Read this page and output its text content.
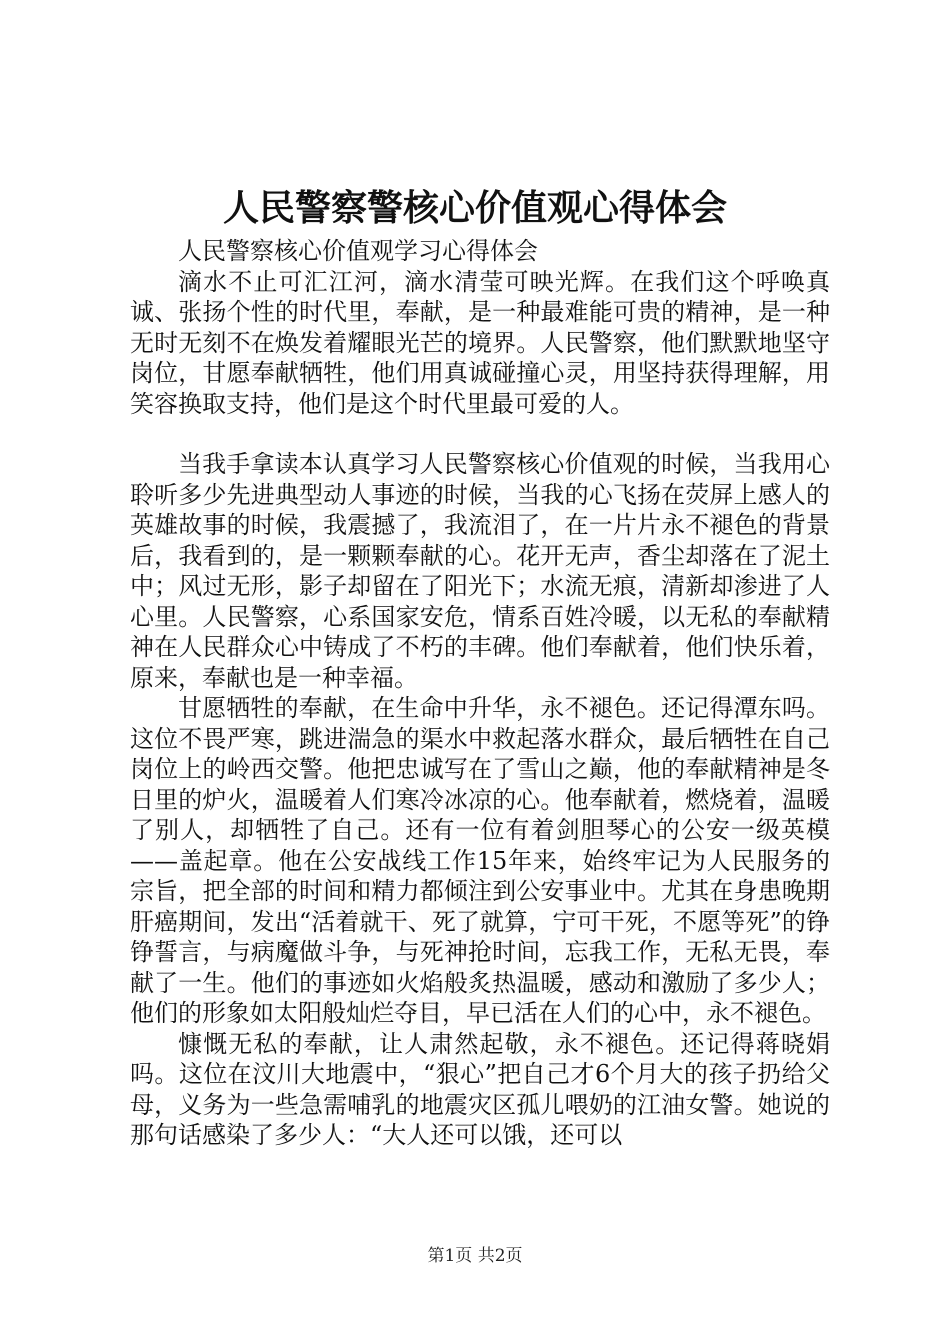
人民警察警核心价值观心得体会

人民警察核心价值观学习心得体会

滴水不止可汇江河，滴水清莹可映光辉。在我们这个呼唤真诚、张扬个性的时代里，奉献，是一种最难能可贵的精神，是一种无时无刻不在焕发着耀眼光芒的境界。人民警察，他们默默地坚守岗位，甘愿奉献牺牲，他们用真诚碰撞心灵，用坚持获得理解，用笑容换取支持，他们是这个时代里最可爱的人。

当我手拿读本认真学习人民警察核心价值观的时候，当我用心聆听多少先进典型动人事迹的时候，当我的心飞扬在荧屏上感人的英雄故事的时候，我震撼了，我流泪了，在一片片永不褪色的背景后，我看到的，是一颗颗奉献的心。花开无声，香尘却落在了泥土中；风过无形，影子却留在了阳光下；水流无痕，清新却渗进了人心里。人民警察，心系国家安危，情系百姓冷暖，以无私的奉献精神在人民群众心中铸成了不朽的丰碑。他们奉献着，他们快乐着，原来，奉献也是一种幸福。

甘愿牺牲的奉献，在生命中升华，永不褪色。还记得潭东吗。这位不畏严寒，跳进湍急的渠水中救起落水群众，最后牺牲在自己岗位上的岭西交警。他把忠诚写在了雪山之巅，他的奉献精神是冬日里的炉火，温暖着人们寒冷冰凉的心。他奉献着，燃烧着，温暖了别人，却牺牲了自己。还有一位有着剑胆琴心的公安一级英模——盖起章。他在公安战线工作15年来，始终牢记为人民服务的宗旨，把全部的时间和精力都倾注到公安事业中。尤其在身患晚期肝癌期间，发出“活着就干、死了就算，宁可干死，不愿等死”的铮铮誓言，与病魔做斗争，与死神抢时间，忘我工作，无私无畏，奉献了一生。他们的事迹如火焰般炙热温暖，感动和激励了多少人；他们的形象如太阳般灿烂夺目，早已活在人们的心中，永不褪色。

慷慨无私的奉献，让人肃然起敬，永不褪色。还记得蒋晓娟吗。这位在汶川大地震中，“狠心”把自己才6个月大的孩子扔给父母，义务为一些急需哺乳的地震灾区孤儿喂奶的江油女警。她说的那句话感染了多少人：“大人还可以饿，还可以

第1页 共2页
